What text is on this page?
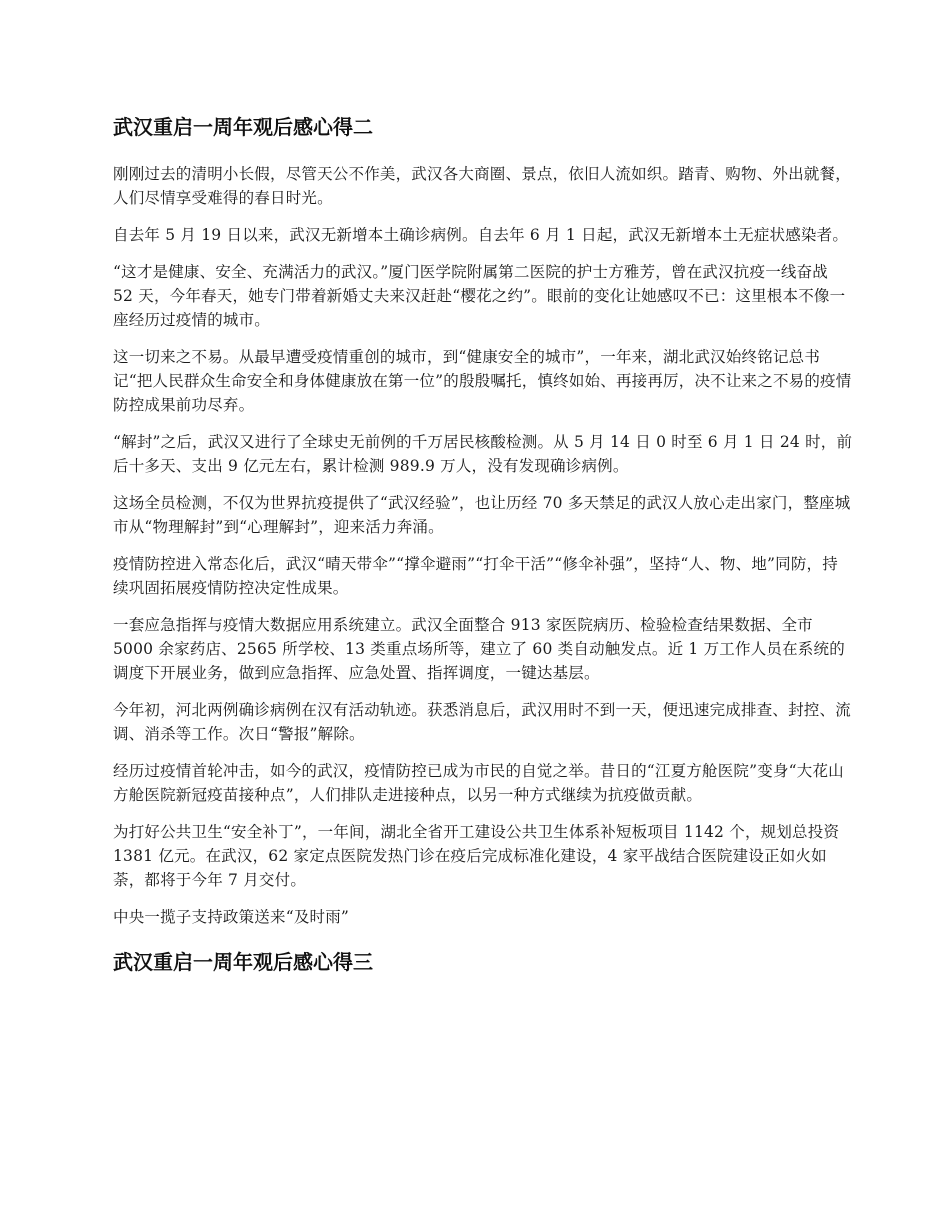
武汉重启一周年观后感心得二

刚刚过去的清明小长假，尽管天公不作美，武汉各大商圈、景点，依旧人流如织。踏青、购物、外出就餐，人们尽情享受难得的春日时光。

自去年 5 月 19 日以来，武汉无新增本土确诊病例。自去年 6 月 1 日起，武汉无新增本土无症状感染者。

“这才是健康、安全、充满活力的武汉。”厦门医学院附属第二医院的护士方雅芳，曾在武汉抗疫一线奋战 52 天，今年春天，她专门带着新婚丈夫来汉赶赴“樱花之约”。眼前的变化让她感叹不已：这里根本不像一座经历过疫情的城市。

这一切来之不易。从最早遭受疫情重创的城市，到“健康安全的城市”，一年来，湖北武汉始终铭记总书记“把人民群众生命安全和身体健康放在第一位”的殷殷嘱托，慎终如始、再接再厉，决不让来之不易的疫情防控成果前功尽弃。

“解封”之后，武汉又进行了全球史无前例的千万居民核酸检测。从 5 月 14 日 0 时至 6 月 1 日 24 时，前后十多天、支出 9 亿元左右，累计检测 989.9 万人，没有发现确诊病例。

这场全员检测，不仅为世界抗疫提供了“武汉经验”，也让历经 70 多天禁足的武汉人放心走出家门，整座城市从“物理解封”到“心理解封”，迎来活力奔涌。

疫情防控进入常态化后，武汉“晴天带伞”“撑伞避雨”“打伞干活”“修伞补强”，坚持“人、物、地”同防，持续巩固拓展疫情防控决定性成果。

一套应急指挥与疫情大数据应用系统建立。武汉全面整合 913 家医院病历、检验检查结果数据、全市 5000 余家药店、2565 所学校、13 类重点场所等，建立了 60 类自动触发点。近 1 万工作人员在系统的调度下开展业务，做到应急指挥、应急处置、指挥调度，一键达基层。

今年初，河北两例确诊病例在汉有活动轨迹。获悉消息后，武汉用时不到一天，便迅速完成排查、封控、流调、消杀等工作。次日“警报”解除。

经历过疫情首轮冲击，如今的武汉，疫情防控已成为市民的自觉之举。昔日的“江夏方舱医院”变身“大花山方舱医院新冠疫苗接种点”，人们排队走进接种点，以另一种方式继续为抗疫做贡献。

为打好公共卫生“安全补丁”，一年间，湖北全省开工建设公共卫生体系补短板项目 1142 个，规划总投资 1381 亿元。在武汉，62 家定点医院发热门诊在疫后完成标准化建设，4 家平战结合医院建设正如火如荼，都将于今年 7 月交付。

中央一揽子支持政策送来“及时雨”

武汉重启一周年观后感心得三
